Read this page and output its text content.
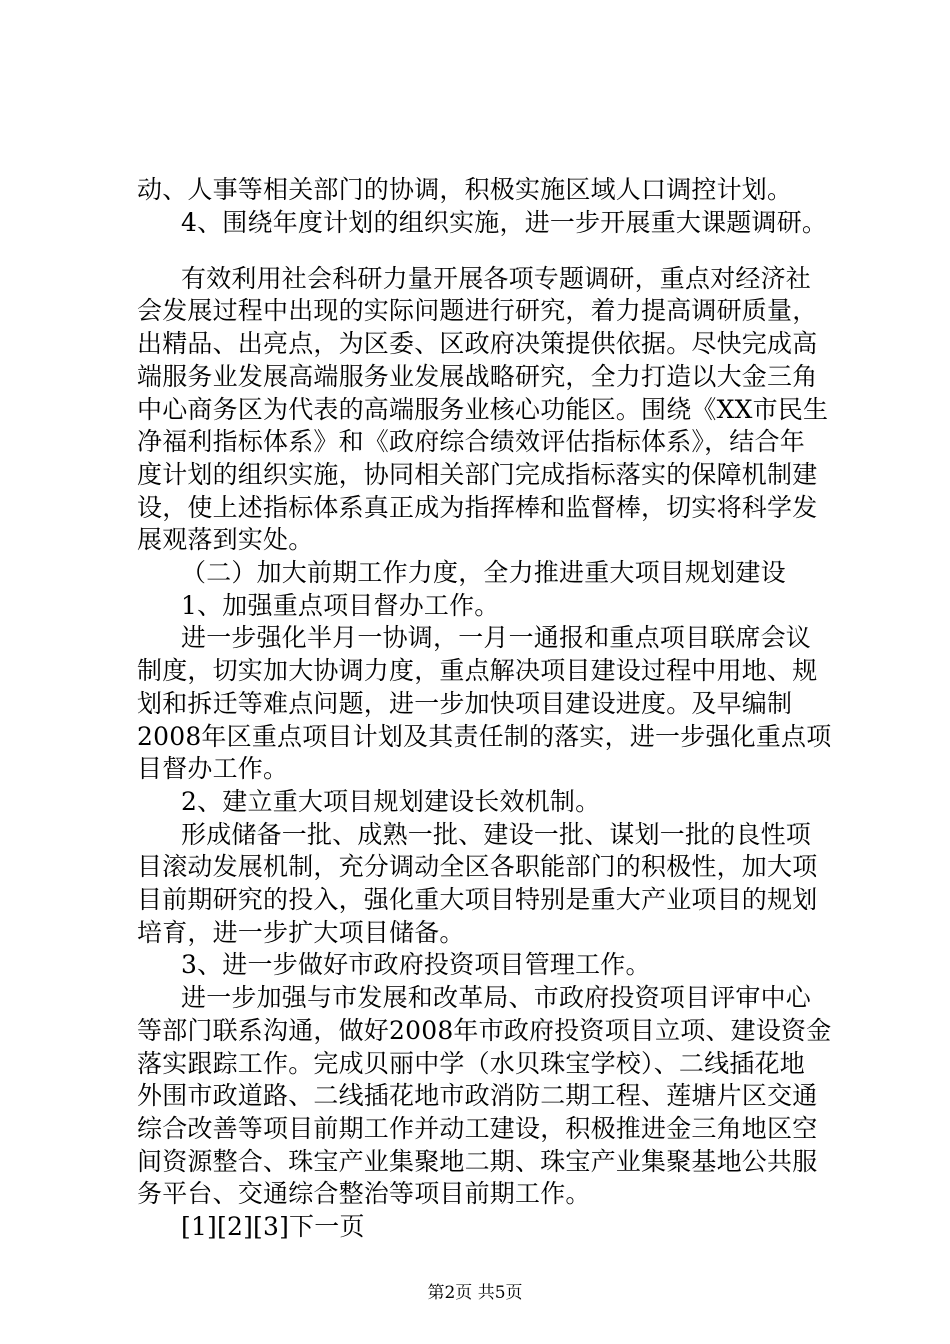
动、人事等相关部门的协调，积极实施区域人口调控计划。
4、围绕年度计划的组织实施，进一步开展重大课题调研。
有效利用社会科研力量开展各项专题调研，重点对经济社
会发展过程中出现的实际问题进行研究，着力提高调研质量，
出精品、出亮点，为区委、区政府决策提供依据。尽快完成高
端服务业发展高端服务业发展战略研究，全力打造以大金三角
中心商务区为代表的高端服务业核心功能区。围绕《XX市民生
净福利指标体系》和《政府综合绩效评估指标体系》，结合年
度计划的组织实施，协同相关部门完成指标落实的保障机制建
设，使上述指标体系真正成为指挥棒和监督棒，切实将科学发
展观落到实处。
（二）加大前期工作力度，全力推进重大项目规划建设
1、加强重点项目督办工作。
进一步强化半月一协调，一月一通报和重点项目联席会议
制度，切实加大协调力度，重点解决项目建设过程中用地、规
划和拆迁等难点问题，进一步加快项目建设进度。及早编制
2008年区重点项目计划及其责任制的落实，进一步强化重点项
目督办工作。
2、建立重大项目规划建设长效机制。
形成储备一批、成熟一批、建设一批、谋划一批的良性项
目滚动发展机制，充分调动全区各职能部门的积极性，加大项
目前期研究的投入，强化重大项目特别是重大产业项目的规划
培育，进一步扩大项目储备。
3、进一步做好市政府投资项目管理工作。
进一步加强与市发展和改革局、市政府投资项目评审中心
等部门联系沟通，做好2008年市政府投资项目立项、建设资金
落实跟踪工作。完成贝丽中学（水贝珠宝学校）、二线插花地
外围市政道路、二线插花地市政消防二期工程、莲塘片区交通
综合改善等项目前期工作并动工建设，积极推进金三角地区空
间资源整合、珠宝产业集聚地二期、珠宝产业集聚基地公共服
务平台、交通综合整治等项目前期工作。
[1][2][3]下一页
第2页 共5页
